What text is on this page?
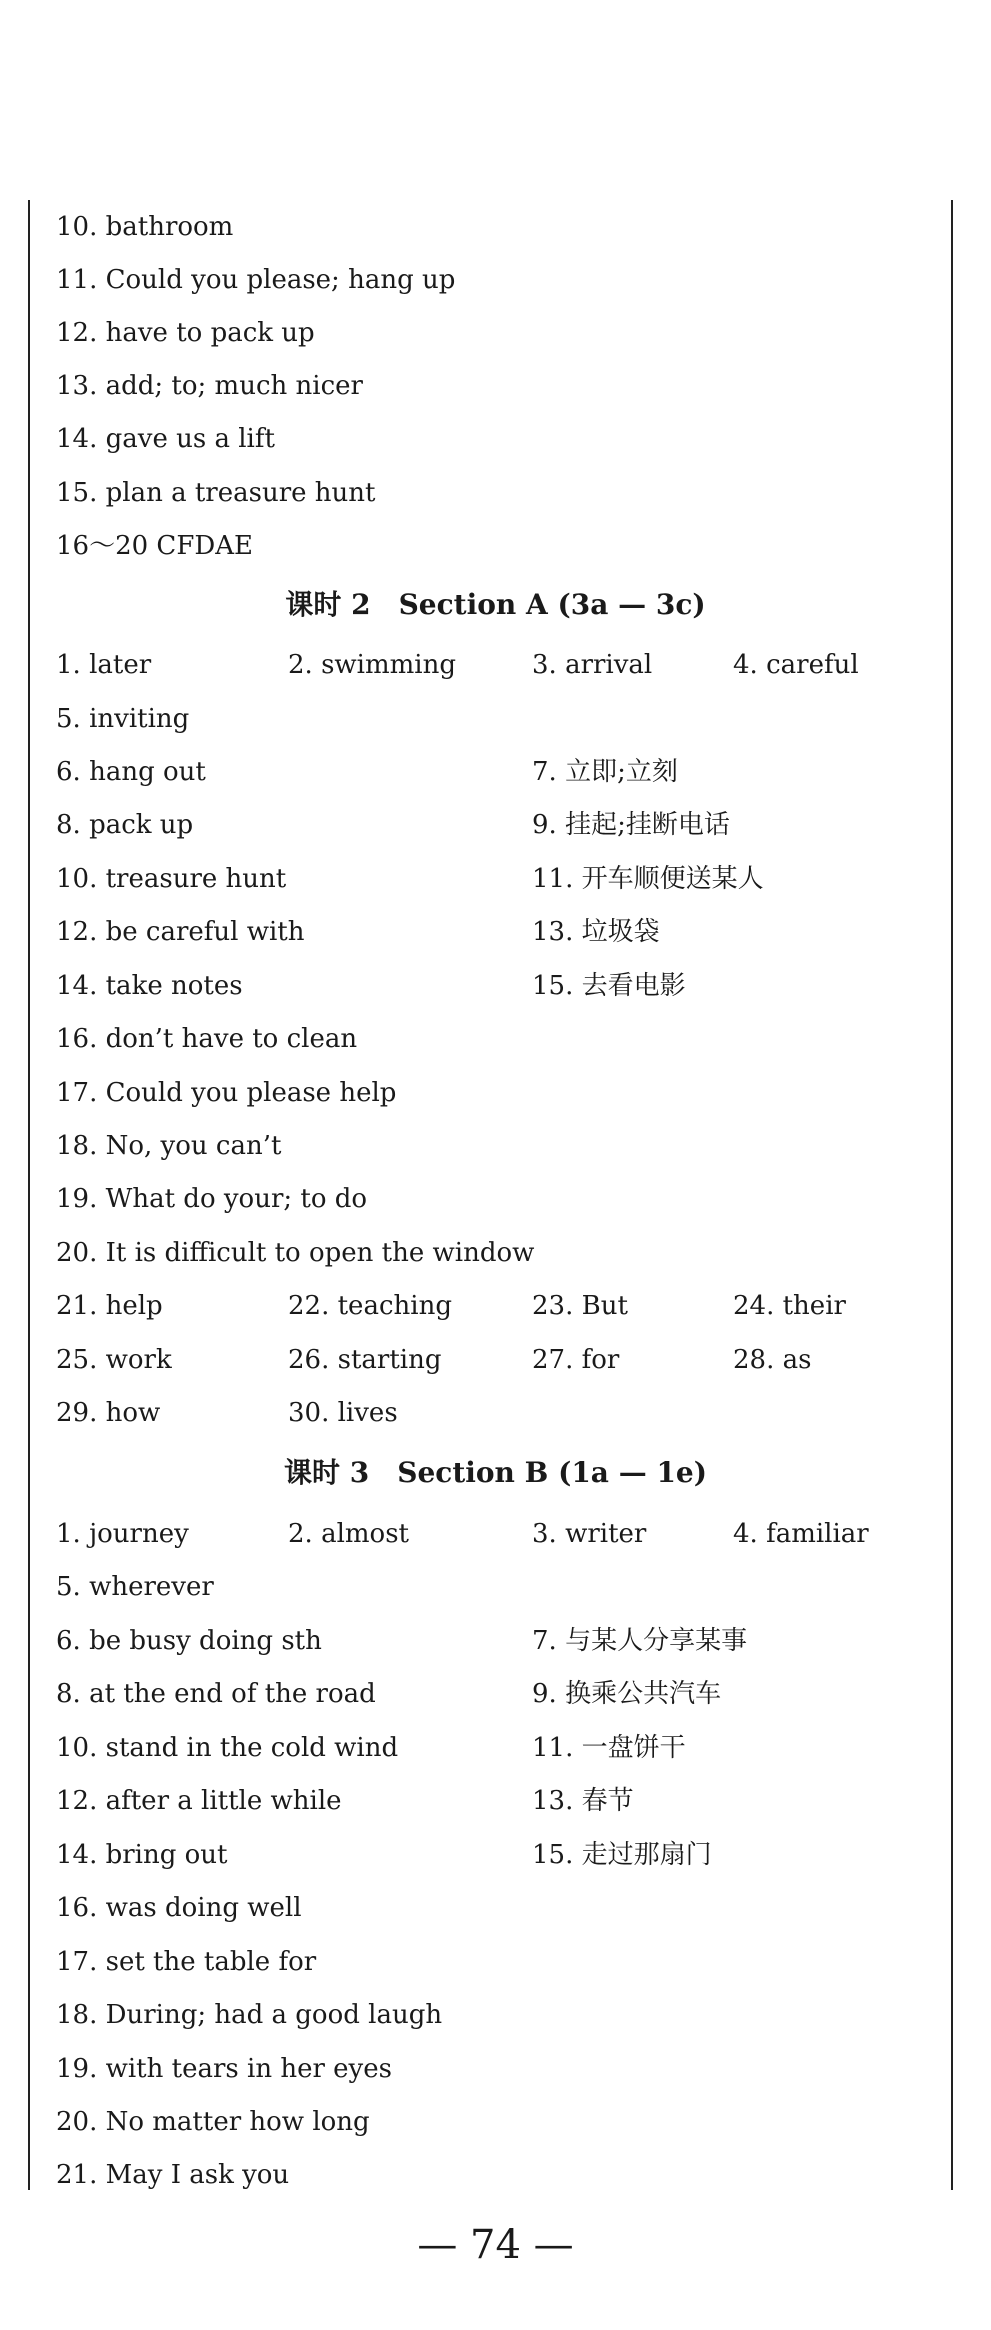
10. bathroom
11. Could you please; hang up
12. have to pack up
13. add; to; much nicer
14. gave us a lift
15. plan a treasure hunt
16～20 CFDAE
课时 2　Section A (3a — 3c)
1. later	2. swimming	3. arrival	4. careful
5. inviting
6. hang out	7. 立即;立刻
8. pack up	9. 挂起;挂断电话
10. treasure hunt	11. 开车顺便送某人
12. be careful with	13. 垃圾袋
14. take notes	15. 去看电影
16. don’t have to clean
17. Could you please help
18. No, you can’t
19. What do your; to do
20. It is difficult to open the window
21. help	22. teaching	23. But	24. their
25. work	26. starting	27. for	28. as
29. how	30. lives
课时 3　Section B (1a — 1e)
1. journey	2. almost	3. writer	4. familiar
5. wherever
6. be busy doing sth	7. 与某人分享某事
8. at the end of the road	9. 换乘公共汽车
10. stand in the cold wind	11. 一盘饼干
12. after a little while	13. 春节
14. bring out	15. 走过那扇门
16. was doing well
17. set the table for
18. During; had a good laugh
19. with tears in her eyes
20. No matter how long
21. May I ask you
— 74 —
